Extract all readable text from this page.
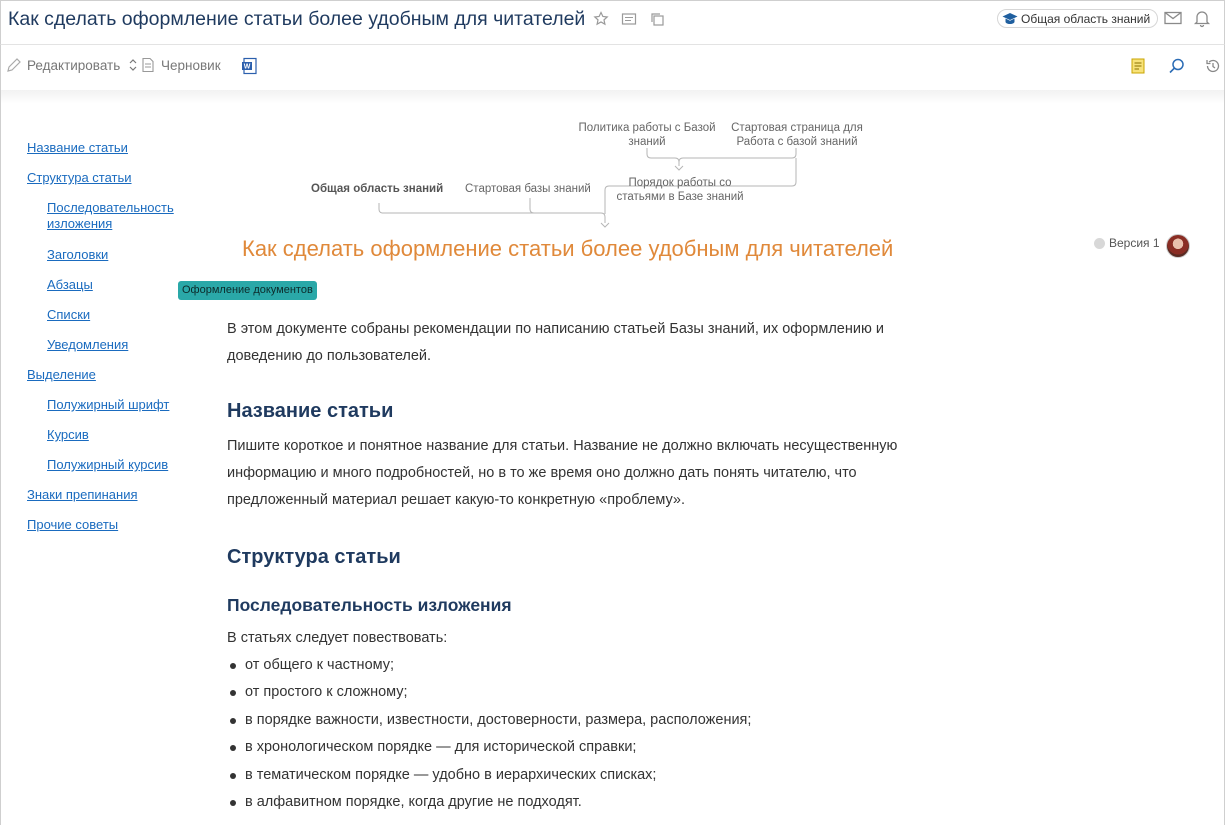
Как сделать оформление статьи более удобным для читателей	Общая область знаний
Редактировать	Черновик	W
Название статьи
Структура статьи
Последовательность изложения
Заголовки
Абзацы
Списки
Уведомления
Выделение
Полужирный шрифт
Курсив
Полужирный курсив
Знаки препинания
Прочие советы
Политика работы с Базой знаний
Стартовая страница для Работа с базой знаний
Порядок работы со статьями в Базе знаний
Общая область знаний Стартовая базы знаний
Как сделать оформление статьи более удобным для читателей	Версия 1
Оформление документов
В этом документе собраны рекомендации по написанию статьей Базы знаний, их оформлению и доведению до пользователей.
Название статьи
Пишите короткое и понятное название для статьи. Название не должно включать несущественную информацию и много подробностей, но в то же время оно должно дать понять читателю, что предложенный материал решает какую-то конкретную «проблему».
Структура статьи
Последовательность изложения
В статьях следует повествовать:
от общего к частному;
от простого к сложному;
в порядке важности, известности, достоверности, размера, расположения;
в хронологическом порядке — для исторической справки;
в тематическом порядке — удобно в иерархических списках;
в алфавитном порядке, когда другие не подходят.
